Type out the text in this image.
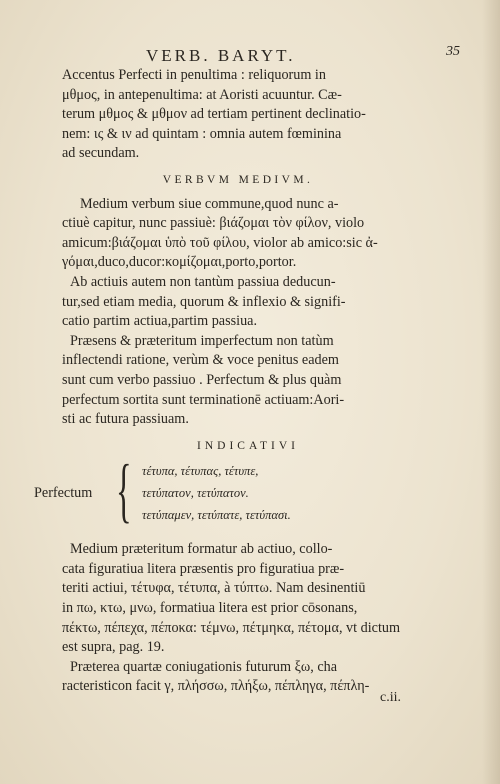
VERB. BARYT.	35

Accentus Perfecti in penultima : reliquorum in

μθμος, in antepenultima: at Aoristi acuuntur. Cæ-

terum μθμος & μθμον ad tertiam pertinent declinatio-

nem: ις & ιν ad quintam : omnia autem fœminina

ad secundam.

VERBVM MEDIVM.

Medium verbum siue commune,quod nunc a-

ctiuè capitur, nunc passiuè: βιάζομαι τὸν φίλον, violo

amicum:βιάζομαι ὑπὸ τοῦ φίλου, violor ab amico:sic ἀ-

γόμαι,duco,ducor:κομίζομαι,porto,portor.

Ab actiuis autem non tantùm passiua deducun-

tur,sed etiam media, quorum & inflexio & signifi-

catio partim actiua,partim passiua.

Præsens & præteritum imperfectum non tatùm

inflectendi ratione, verùm & voce penitus eadem

sunt cum verbo passiuo . Perfectum & plus quàm

perfectum sortita sunt terminationē actiuam:Aori-

sti ac futura passiuam.

INDICATIVI

Perfectum { τέτυπα, τέτυπας, τέτυπε,
τετύπατον, τετύπατον.
τετύπαμεν, τετύπατε, τετύπασι.

Medium præteritum formatur ab actiuo, collo-

cata figuratiua litera præsentis pro figuratiua præ-

teriti actiui, τέτυφα, τέτυπα, à τύπτω. Nam desinentiū

in πω, κτω, μνω, formatiua litera est prior cōsonans,

πέκτω, πέπεχα, πέποκα: τέμνω, πέτμηκα, πέτομα, vt dictum

est supra, pag. 19.

Præterea quartæ coniugationis futurum ξω, cha

racteristicon facit γ, πλήσσω, πλήξω, πέπληγα, πέπλη-

c.ii.
